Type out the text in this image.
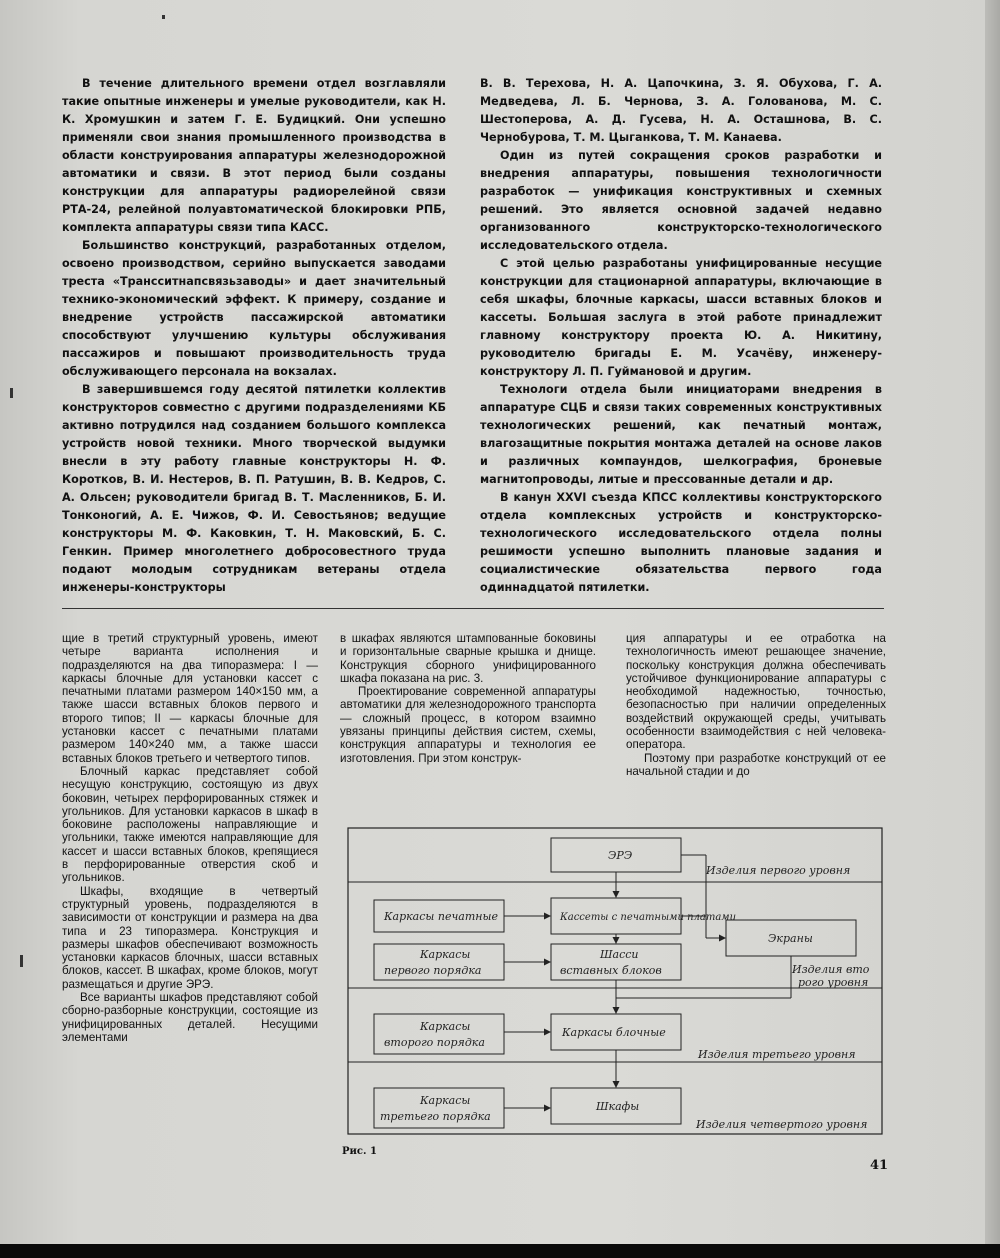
В течение длительного времени отдел возглавляли такие опытные инженеры и умелые руководители, как Н. К. Хромушкин и затем Г. Е. Будицкий. Они успешно применяли свои знания промышленного производства в области конструирования аппаратуры железнодорожной автоматики и связи. В этот период были созданы конструкции для аппаратуры радиорелейной связи РТА-24, релейной полуавтоматической блокировки РПБ, комплекта аппаратуры связи типа КАСС.

Большинство конструкций, разработанных отделом, освоено производством, серийно выпускается заводами треста «Трансситнапсвязьзаводы» и дает значительный технико-экономический эффект. К примеру, создание и внедрение устройств пассажирской автоматики способствуют улучшению культуры обслуживания пассажиров и повышают производительность труда обслуживающего персонала на вокзалах.

В завершившемся году десятой пятилетки коллектив конструкторов совместно с другими подразделениями КБ активно потрудился над созданием большого комплекса устройств новой техники. Много творческой выдумки внесли в эту работу главные конструкторы Н. Ф. Коротков, В. И. Нестеров, В. П. Ратушин, В. В. Кедров, С. А. Ольсен; руководители бригад В. Т. Масленников, Б. И. Тонконогий, А. Е. Чижов, Ф. И. Севостьянов; ведущие конструкторы М. Ф. Каковкин, Т. Н. Маковский, Б. С. Генкин. Пример многолетнего добросовестного труда подают молодым сотрудникам ветераны отдела инженеры-конструкторы

В. В. Терехова, Н. А. Цапочкина, З. Я. Обухова, Г. А. Медведева, Л. Б. Чернова, З. А. Голованова, М. С. Шестоперова, А. Д. Гусева, Н. А. Осташнова, В. С. Чернобурова, Т. М. Цыганкова, Т. М. Канаева.

Один из путей сокращения сроков разработки и внедрения аппаратуры, повышения технологичности разработок — унификация конструктивных и схемных решений. Это является основной задачей недавно организованного конструкторско-технологического исследовательского отдела.

С этой целью разработаны унифицированные несущие конструкции для стационарной аппаратуры, включающие в себя шкафы, блочные каркасы, шасси вставных блоков и кассеты. Большая заслуга в этой работе принадлежит главному конструктору проекта Ю. А. Никитину, руководителю бригады Е. М. Усачёву, инженеру-конструктору Л. П. Гуймановой и другим.

Технологи отдела были инициаторами внедрения в аппаратуре СЦБ и связи таких современных конструктивных технологических решений, как печатный монтаж, влагозащитные покрытия монтажа деталей на основе лаков и различных компаундов, шелкография, броневые магнитопроводы, литые и прессованные детали и др.

В канун XXVI съезда КПСС коллективы конструкторского отдела комплексных устройств и конструкторско-технологического исследовательского отдела полны решимости успешно выполнить плановые задания и социалистические обязательства первого года одиннадцатой пятилетки.

щие в третий структурный уровень, имеют четыре варианта исполнения и подразделяются на два типоразмера: I — каркасы блочные для установки кассет с печатными платами размером 140×150 мм, а также шасси вставных блоков первого и второго типов; II — каркасы блочные для установки кассет с печатными платами размером 140×240 мм, а также шасси вставных блоков третьего и четвертого типов.

Блочный каркас представляет собой несущую конструкцию, состоящую из двух боковин, четырех перфорированных стяжек и угольников. Для установки каркасов в шкаф в боковине расположены направляющие и угольники, также имеются направляющие для кассет и шасси вставных блоков, крепящиеся в перфорированные отверстия скоб и угольников.

Шкафы, входящие в четвертый структурный уровень, подразделяются в зависимости от конструкции и размера на два типа и 23 типоразмера. Конструкция и размеры шкафов обеспечивают возможность установки каркасов блочных, шасси вставных блоков, кассет. В шкафах, кроме блоков, могут размещаться и другие ЭРЭ.

Все варианты шкафов представляют собой сборно-разборные конструкции, состоящие из унифицированных деталей. Несущими элементами

в шкафах являются штампованные боковины и горизонтальные сварные крышка и днище. Конструкция сборного унифицированного шкафа показана на рис. 3.

Проектирование современной аппаратуры автоматики для железнодорожного транспорта — сложный процесс, в котором взаимно увязаны принципы действия систем, схемы, конструкция аппаратуры и технология ее изготовления. При этом конструк-

ция аппаратуры и ее отработка на технологичность имеют решающее значение, поскольку конструкция должна обеспечивать устойчивое функционирование аппаратуры с необходимой надежностью, точностью, безопасностью при наличии определенных воздействий окружающей среды, учитывать особенности взаимодействия с ней человека-оператора.

Поэтому при разработке конструкций от ее начальной стадии и до

ЭРЭ
Изделия первого уровня
Каркасы печатные	Кассеты с печатными платами
Экраны
Каркасы
первого порядка
Шасси
вставных блоков	Изделия вто
рого уровня
Каркасы
второго порядка
Каркасы блочные
Изделия третьего уровня
Каркасы
третьего порядка
Шкафы
Изделия четвертого уровня
Рис. 1
41
